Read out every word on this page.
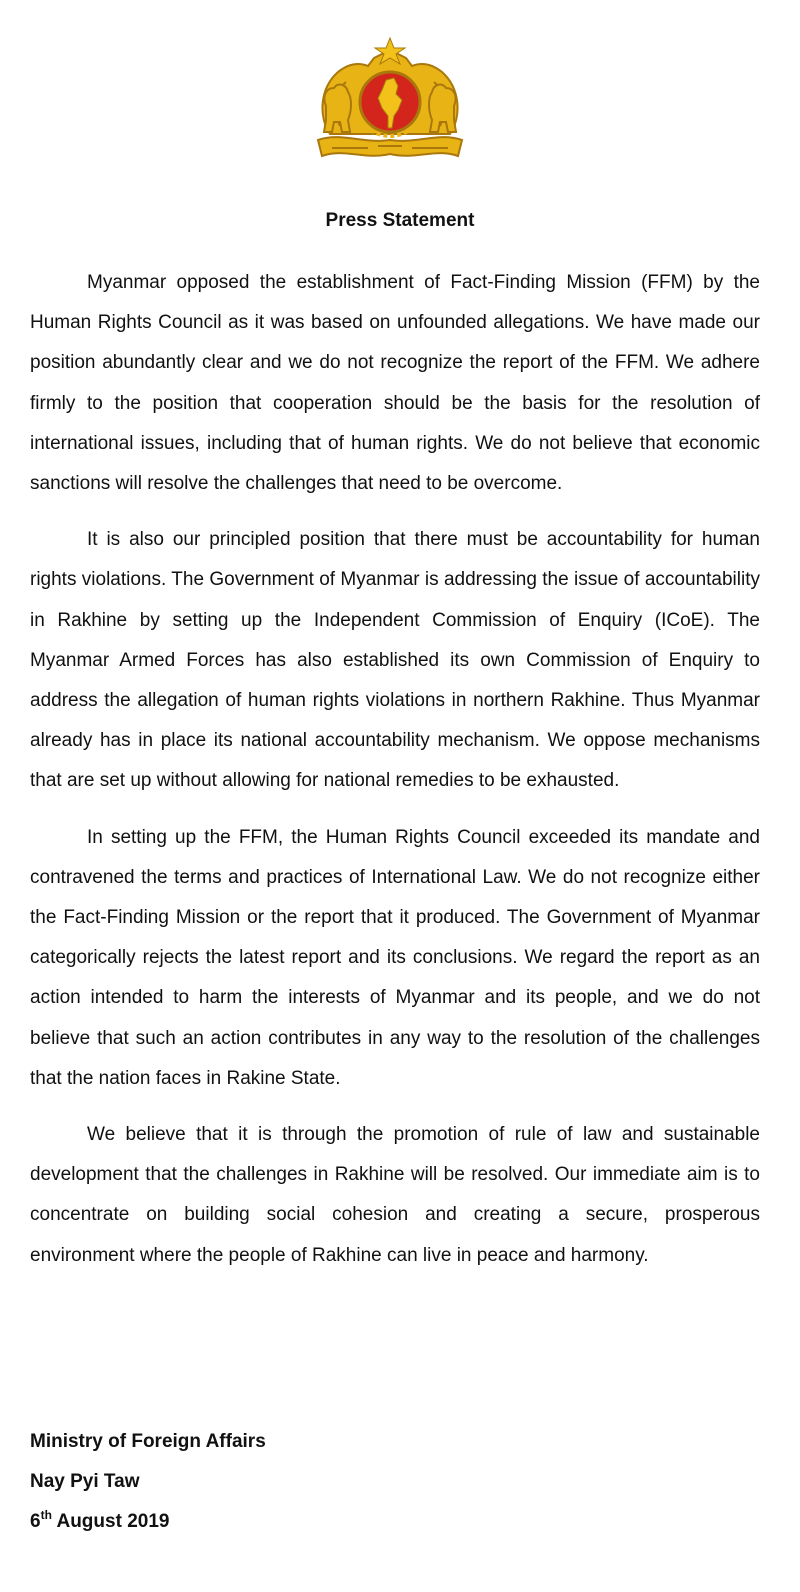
Press Statement

Myanmar opposed the establishment of Fact-Finding Mission (FFM) by the Human Rights Council as it was based on unfounded allegations. We have made our position abundantly clear and we do not recognize the report of the FFM. We adhere firmly to the position that cooperation should be the basis for the resolution of international issues, including that of human rights. We do not believe that economic sanctions will resolve the challenges that need to be overcome.

It is also our principled position that there must be accountability for human rights violations. The Government of Myanmar is addressing the issue of accountability in Rakhine by setting up the Independent Commission of Enquiry (ICoE). The Myanmar Armed Forces has also established its own Commission of Enquiry to address the allegation of human rights violations in northern Rakhine. Thus Myanmar already has in place its national accountability mechanism. We oppose mechanisms that are set up without allowing for national remedies to be exhausted.

In setting up the FFM, the Human Rights Council exceeded its mandate and contravened the terms and practices of International Law. We do not recognize either the Fact-Finding Mission or the report that it produced. The Government of Myanmar categorically rejects the latest report and its conclusions. We regard the report as an action intended to harm the interests of Myanmar and its people, and we do not believe that such an action contributes in any way to the resolution of the challenges that the nation faces in Rakine State.

We believe that it is through the promotion of rule of law and sustainable development that the challenges in Rakhine will be resolved. Our immediate aim is to concentrate on building social cohesion and creating a secure, prosperous environment where the people of Rakhine can live in peace and harmony.

Ministry of Foreign Affairs
Nay Pyi Taw
6th August 2019
